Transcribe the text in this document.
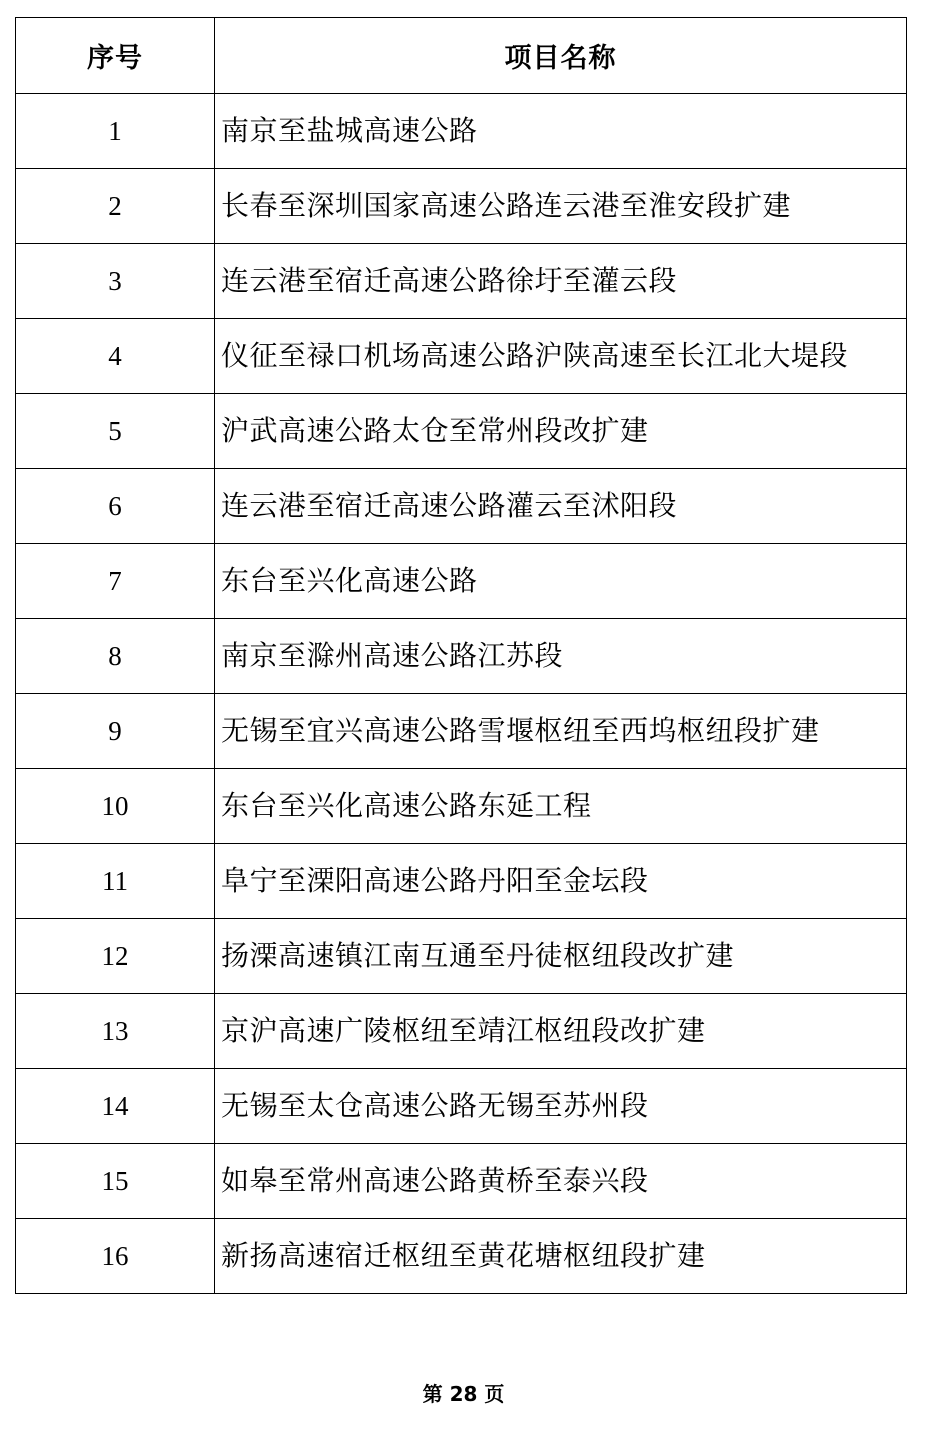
序号	项目名称
1	南京至盐城高速公路
2	长春至深圳国家高速公路连云港至淮安段扩建
3	连云港至宿迁高速公路徐圩至灌云段
4	仪征至禄口机场高速公路沪陕高速至长江北大堤段
5	沪武高速公路太仓至常州段改扩建
6	连云港至宿迁高速公路灌云至沭阳段
7	东台至兴化高速公路
8	南京至滁州高速公路江苏段
9	无锡至宜兴高速公路雪堰枢纽至西坞枢纽段扩建
10	东台至兴化高速公路东延工程
11	阜宁至溧阳高速公路丹阳至金坛段
12	扬溧高速镇江南互通至丹徒枢纽段改扩建
13	京沪高速广陵枢纽至靖江枢纽段改扩建
14	无锡至太仓高速公路无锡至苏州段
15	如皋至常州高速公路黄桥至泰兴段
16	新扬高速宿迁枢纽至黄花塘枢纽段扩建
第 28 页
